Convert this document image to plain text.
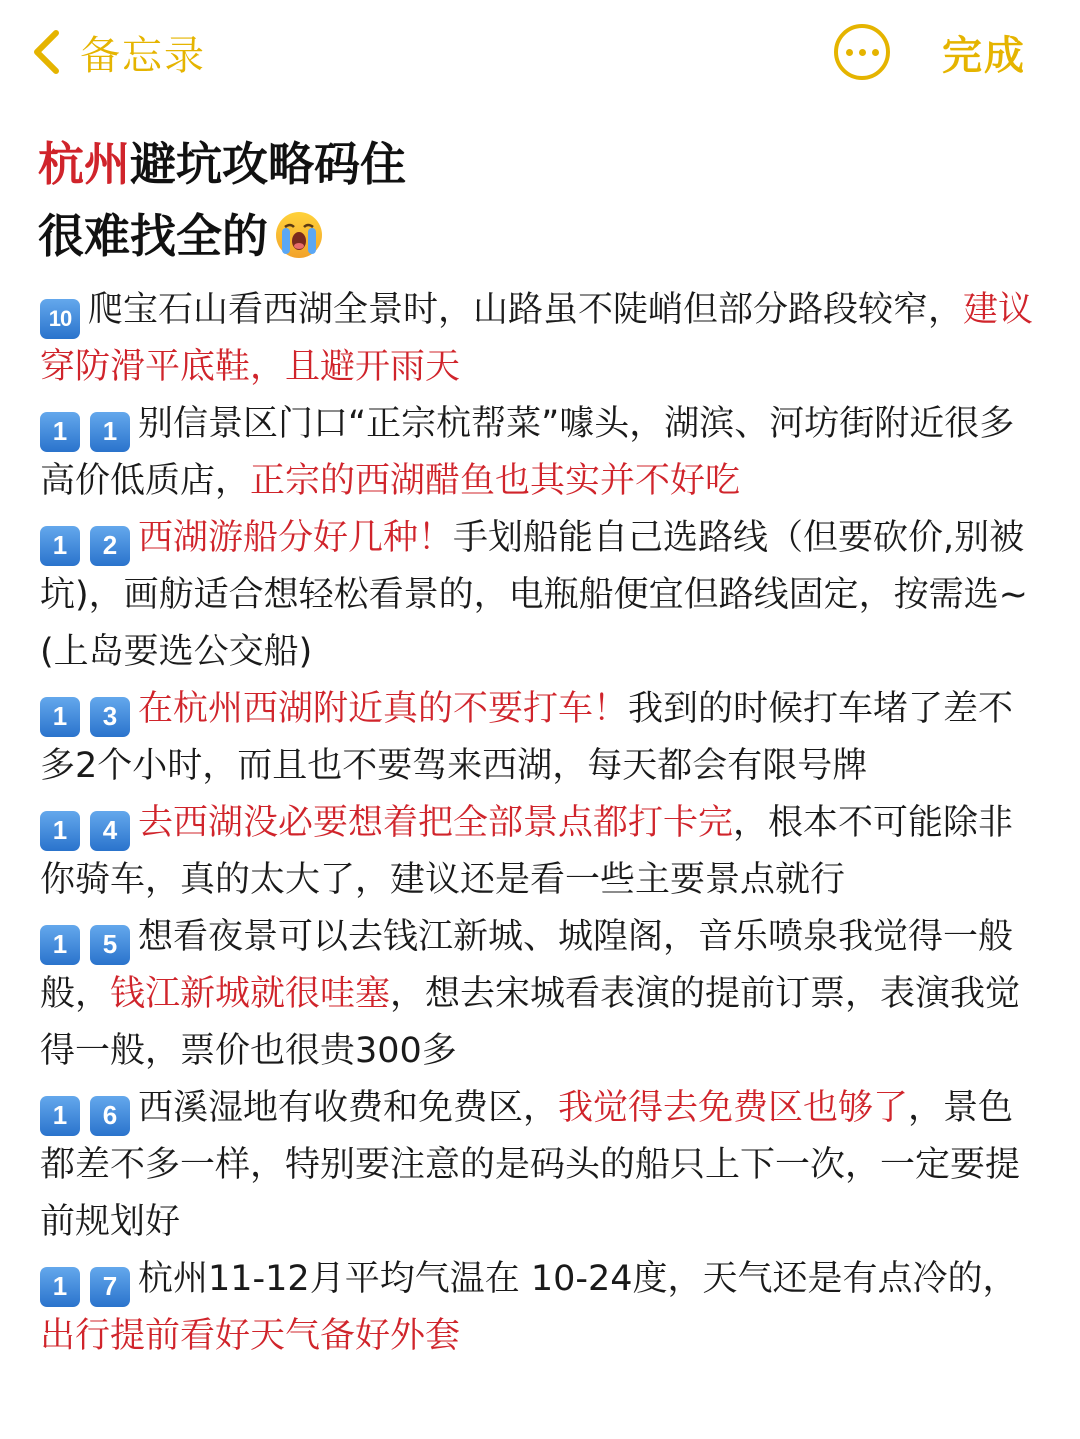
备忘录	完成
杭州避坑攻略码住
很难找全的
10 爬宝石山看西湖全景时，山路虽不陡峭但部分路段较窄，建议穿防滑平底鞋，且避开雨天
1	1 别信景区门口“正宗杭帮菜”噱头，湖滨、河坊街附近很多高价低质店，正宗的西湖醋鱼也其实并不好吃
1	2 西湖游船分好几种！手划船能自己选路线（但要砍价,别被坑)，画舫适合想轻松看景的，电瓶船便宜但路线固定，按需选~(上岛要选公交船)
1	3 在杭州西湖附近真的不要打车！我到的时候打车堵了差不多2个小时，而且也不要驾来西湖，每天都会有限号牌
1	4 去西湖没必要想着把全部景点都打卡完，根本不可能除非你骑车，真的太大了，建议还是看一些主要景点就行
1	5 想看夜景可以去钱江新城、城隍阁，音乐喷泉我觉得一般般，钱江新城就很哇塞，想去宋城看表演的提前订票，表演我觉得一般，票价也很贵300多
1	6 西溪湿地有收费和免费区，我觉得去免费区也够了，景色都差不多一样，特别要注意的是码头的船只上下一次，一定要提前规划好
1	7 杭州11-12月平均气温在 10-24度，天气还是有点冷的，出行提前看好天气备好外套
